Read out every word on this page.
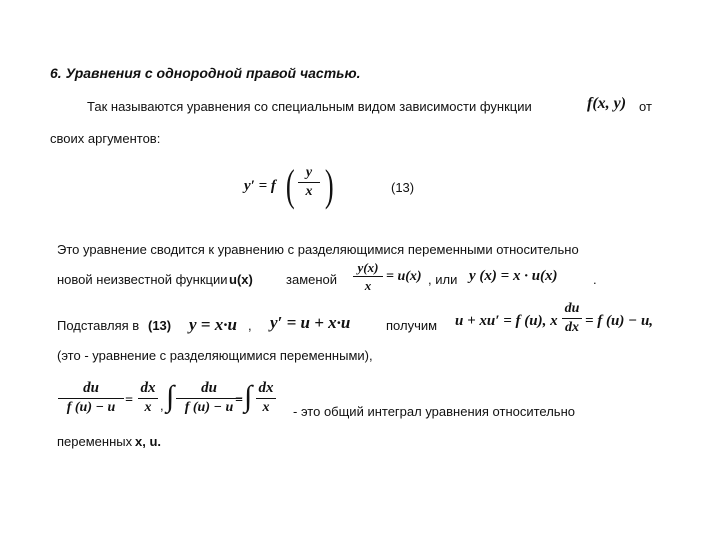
6. Уравнения с однородной правой частью.
Так называются уравнения со специальным видом зависимости функции	f(x, y) от
своих аргументов:
y′ = f ( y
x )	(13)
Это уравнение сводится к уравнению с разделяющимися переменными относительно
новой неизвестной функции u(x)	заменой
y(x)
x
= u(x) , или y (x) = x · u(x)	.
Подставляя в (13) y = x·u , y′ = u + x·u	получим u + xu′ = f (u), x
du
dx = f (u) − u,
(это - уравнение с разделяющимися переменными),
du
f (u) − u =
dx
x , ∫ du
f (u) − u = ∫ dx
x - это общий интеграл уравнения относительно
переменных x, u.
